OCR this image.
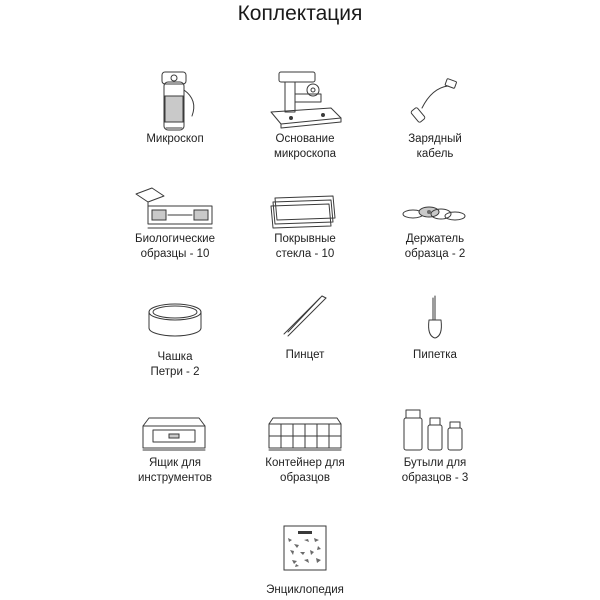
Коплектация
Микроскоп	Основание
микроскопа
Зарядный
кабель
Биологические
образцы - 10
Покрывные
стекла - 10
Держатель
образца - 2
Чашка
Петри - 2
Пинцет	Пипетка
Ящик для
инструментов
Контейнер для
образцов
Бутыли для
образцов - 3
Энциклопедия
